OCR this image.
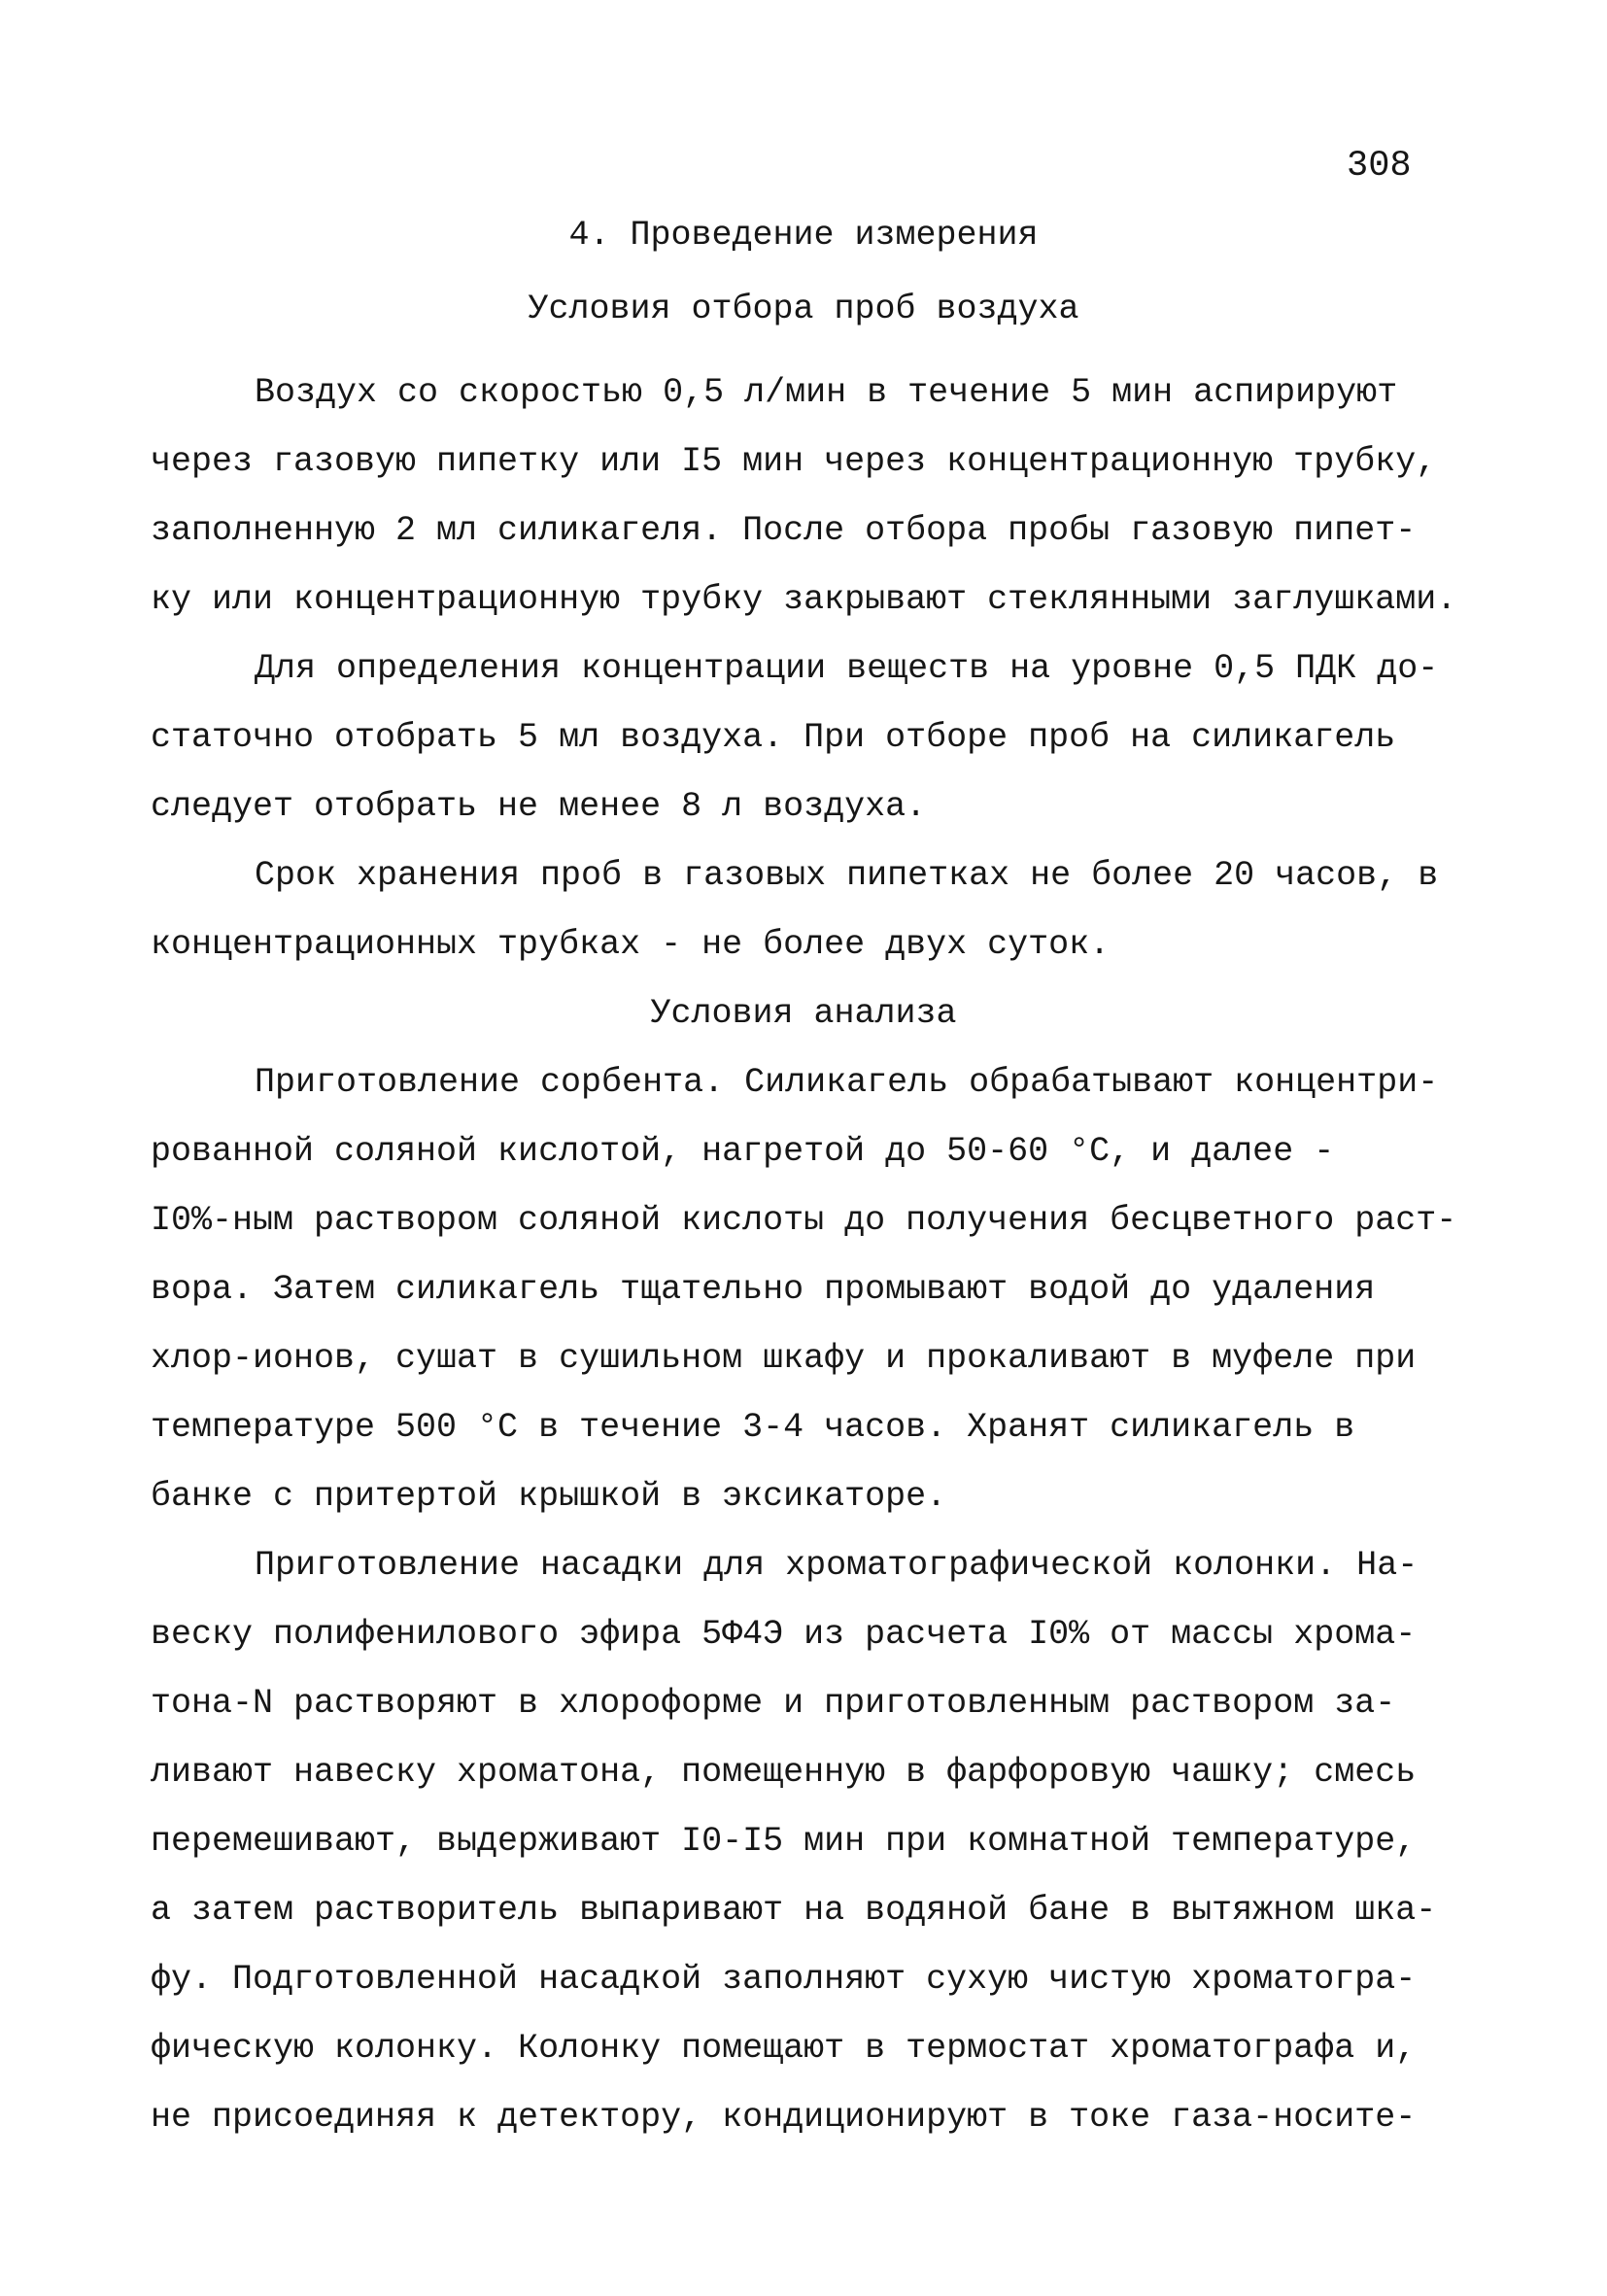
308
4. Проведение измерения
Условия отбора проб воздуха
Воздух со скоростью 0,5 л/мин в течение 5 мин аспирируют
через газовую пипетку или I5 мин через концентрационную трубку,
заполненную 2 мл силикагеля. После отбора пробы газовую пипет-
ку или концентрационную трубку закрывают стеклянными заглушками.
Для определения концентрации веществ на уровне 0,5 ПДК до-
статочно отобрать 5 мл воздуха. При отборе проб на силикагель
следует отобрать не менее 8 л воздуха.
Срок хранения проб в газовых пипетках не более 20 часов, в
концентрационных трубках - не более двух суток.
Условия анализа
Приготовление сорбента. Силикагель обрабатывают концентри-
рованной соляной кислотой, нагретой до 50-60 °С, и далее -
I0%-ным раствором соляной кислоты до получения бесцветного раст-
вора. Затем силикагель тщательно промывают водой до удаления
хлор-ионов, сушат в сушильном шкафу и прокаливают в муфеле при
температуре 500 °С в течение 3-4 часов. Хранят силикагель в
банке с притертой крышкой в эксикаторе.
Приготовление насадки для хроматографической колонки. На-
веску полифенилового эфира 5Ф4Э из расчета I0% от массы хрома-
тона-N растворяют в хлороформе и приготовленным раствором за-
ливают навеску хроматона, помещенную в фарфоровую чашку; смесь
перемешивают, выдерживают I0-I5 мин при комнатной температуре,
а затем растворитель выпаривают на водяной бане в вытяжном шка-
фу. Подготовленной насадкой заполняют сухую чистую хроматогра-
фическую колонку. Колонку помещают в термостат хроматографа и,
не присоединяя к детектору, кондиционируют в токе газа-носите-
